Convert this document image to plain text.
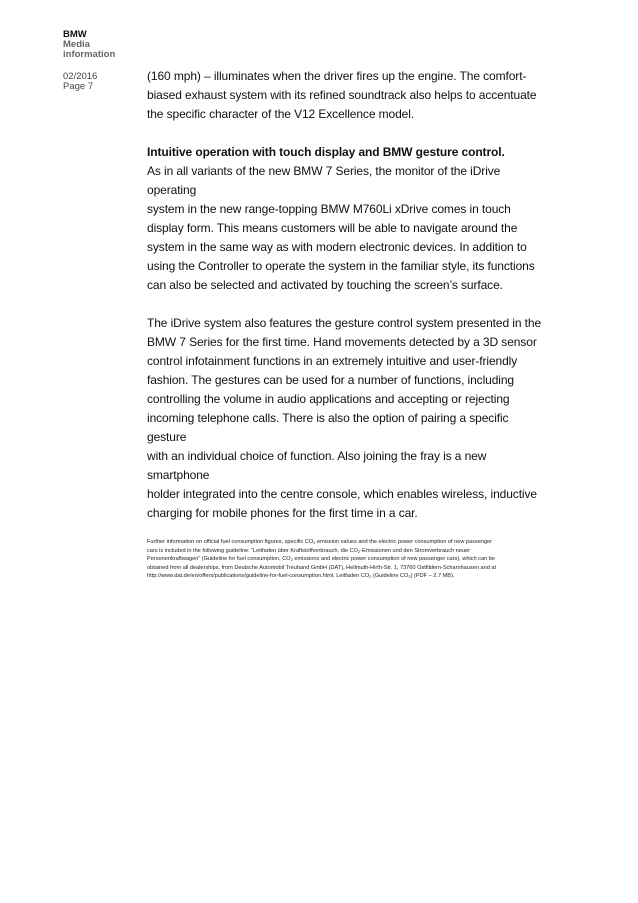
BMW
Media
information
02/2016
Page 7

(160 mph) – illuminates when the driver fires up the engine. The comfort-

biased exhaust system with its refined soundtrack also helps to accentuate

the specific character of the V12 Excellence model.

Intuitive operation with touch display and BMW gesture control.

As in all variants of the new BMW 7 Series, the monitor of the iDrive operating

system in the new range-topping BMW M760Li xDrive comes in touch

display form. This means customers will be able to navigate around the

system in the same way as with modern electronic devices. In addition to

using the Controller to operate the system in the familiar style, its functions

can also be selected and activated by touching the screen’s surface.

The iDrive system also features the gesture control system presented in the

BMW 7 Series for the first time. Hand movements detected by a 3D sensor

control infotainment functions in an extremely intuitive and user-friendly

fashion. The gestures can be used for a number of functions, including

controlling the volume in audio applications and accepting or rejecting

incoming telephone calls. There is also the option of pairing a specific gesture

with an individual choice of function. Also joining the fray is a new smartphone

holder integrated into the centre console, which enables wireless, inductive

charging for mobile phones for the first time in a car.

Further information on official fuel consumption figures, specific $CO_2$ emission values and the electric power consumption of new passenger
cars is included in the following guideline: “Leitfaden über Kraftstoffverbrauch, die $CO_2$-Emissionen und den Stromverbrauch neuer
Personenkraftwagen” (Guideline for fuel consumption, $CO_2$ emissions and electric power consumption of new passenger cars), which can be
obtained from all dealerships, from Deutsche Automobil Treuhand GmbH (DAT), Hellmuth-Hirth-Str. 1, 73760 Ostfildern-Scharnhausen and at
http://www.dat.de/en/offers/publications/guideline-for-fuel-consumption.html. Leitfaden $CO_2$ (Guideline $CO_2$) (PDF – 2.7 MB).
